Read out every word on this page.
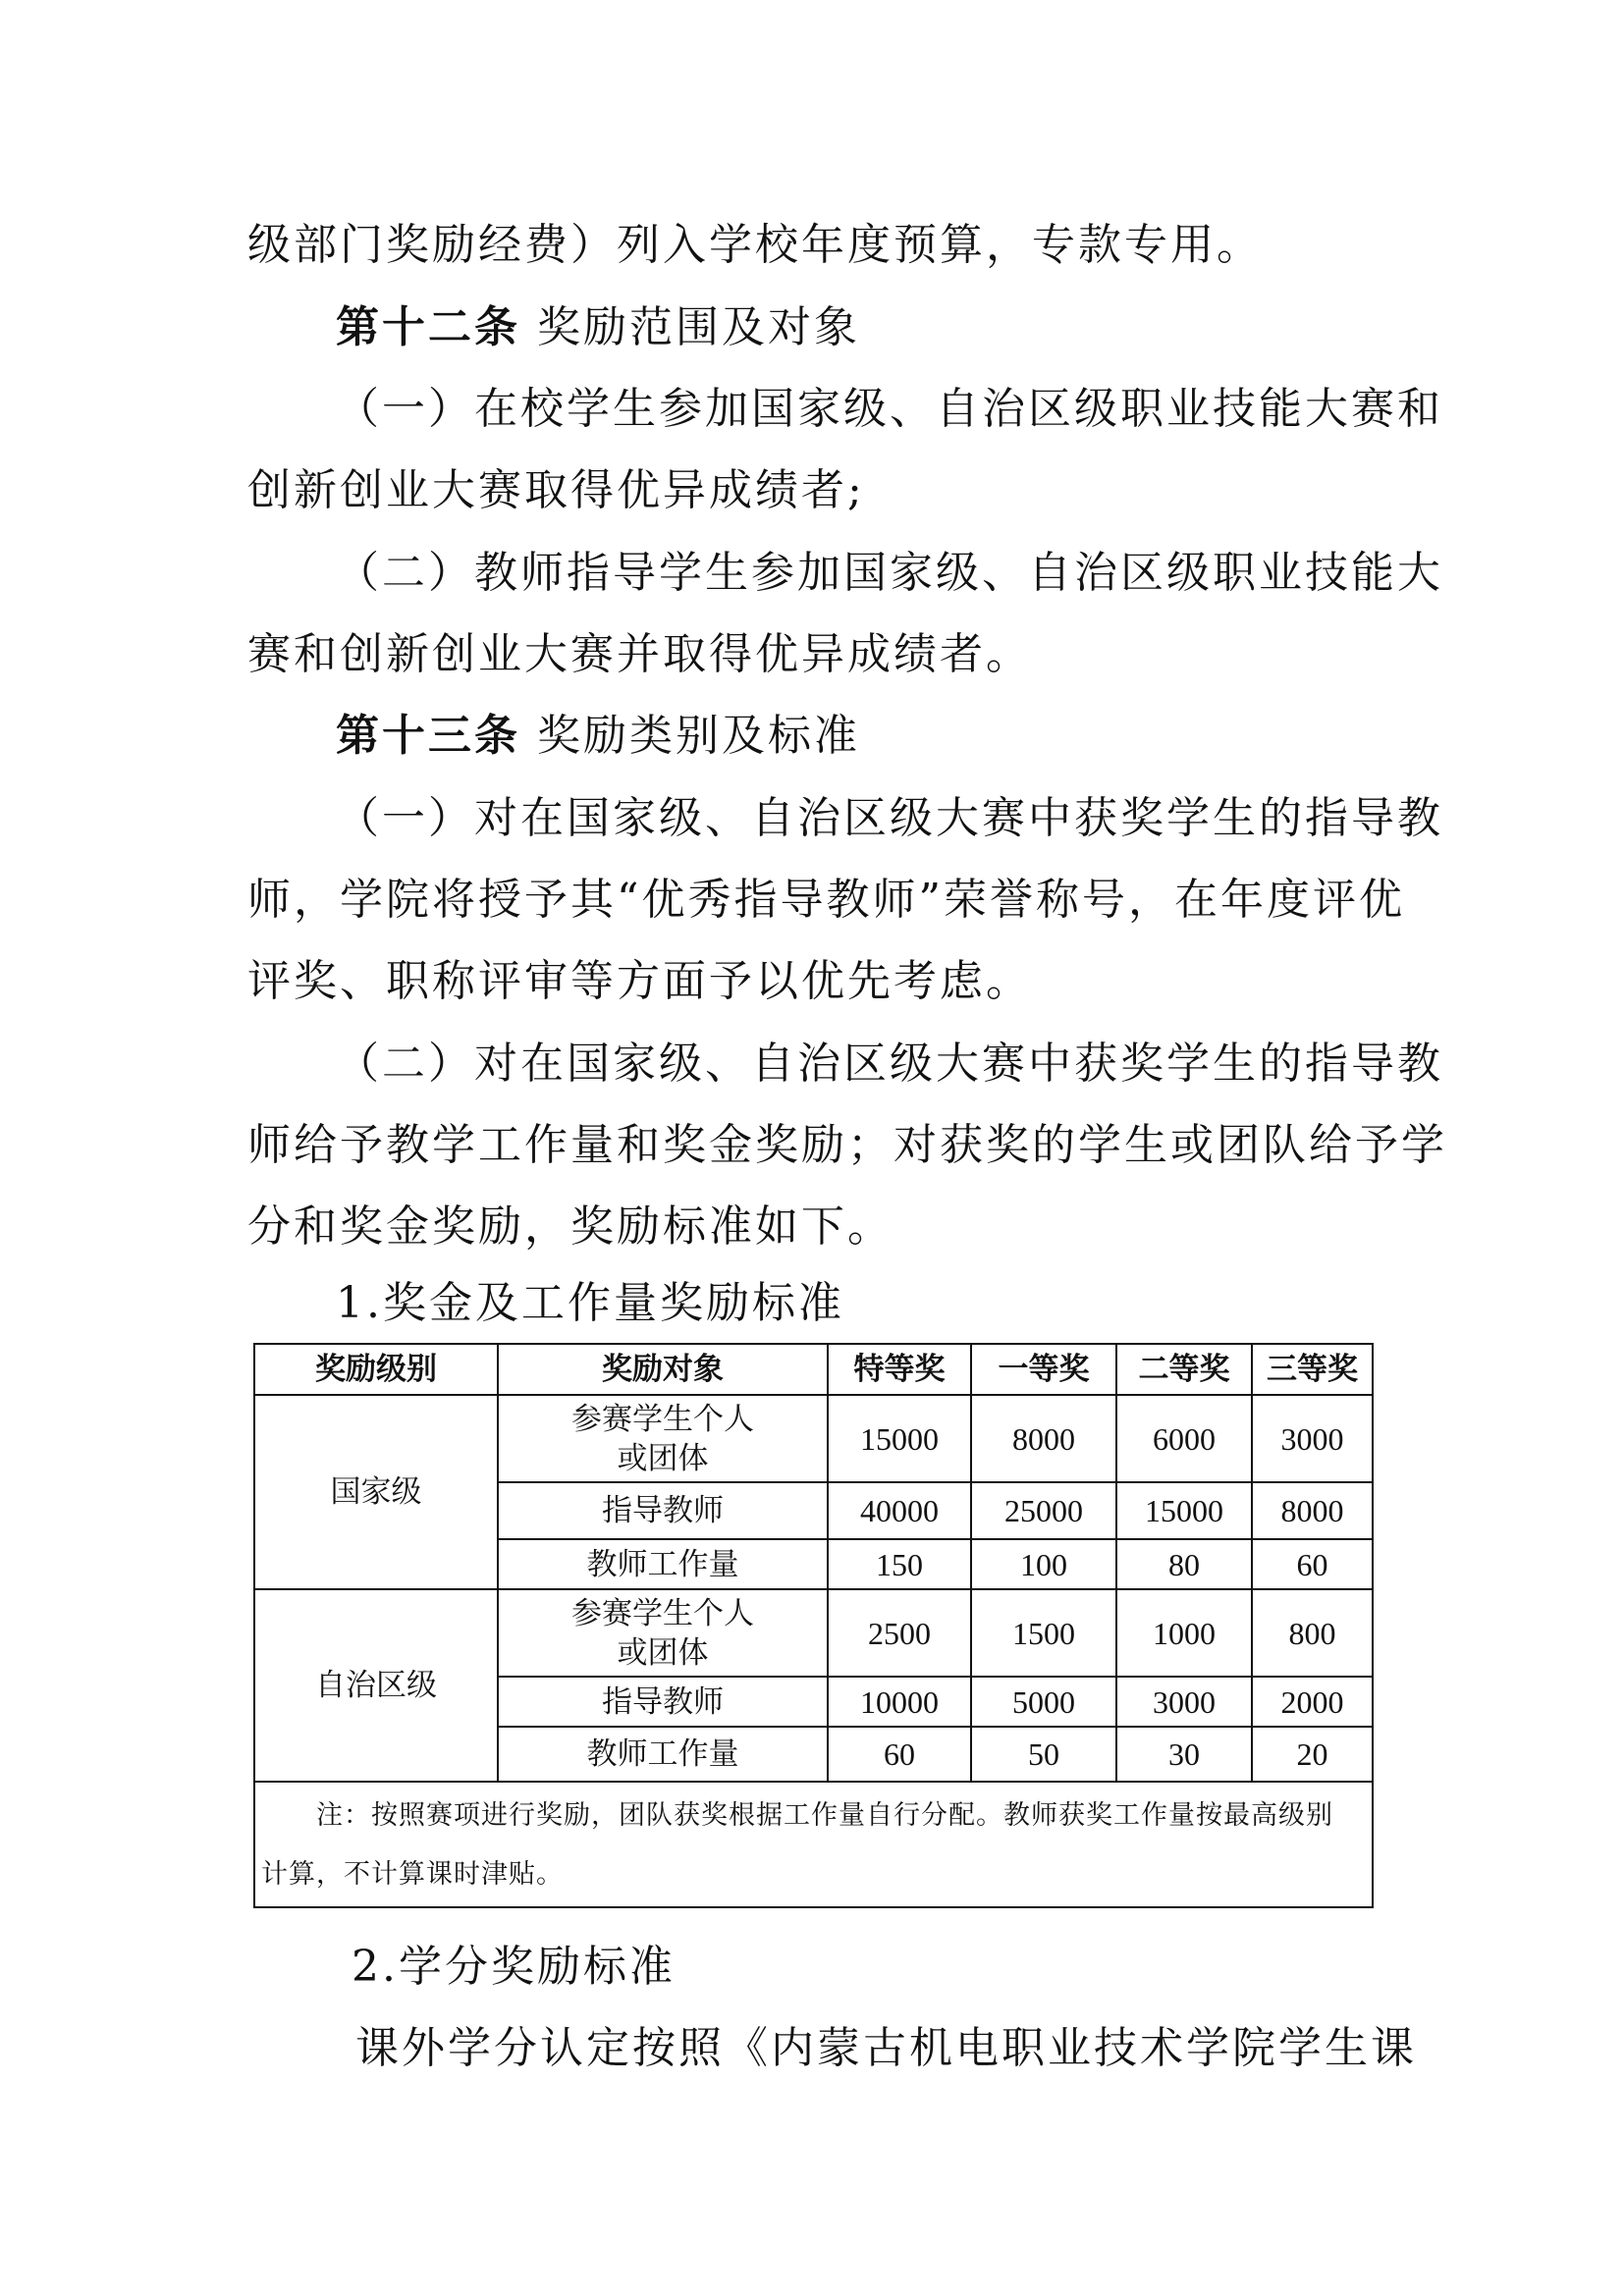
级部门奖励经费）列入学校年度预算，专款专用。
第十二条 奖励范围及对象
（一）在校学生参加国家级、自治区级职业技能大赛和
创新创业大赛取得优异成绩者;
（二）教师指导学生参加国家级、自治区级职业技能大
赛和创新创业大赛并取得优异成绩者。
第十三条 奖励类别及标准
（一）对在国家级、自治区级大赛中获奖学生的指导教
师，学院将授予其“优秀指导教师”荣誉称号，在年度评优
评奖、职称评审等方面予以优先考虑。
（二）对在国家级、自治区级大赛中获奖学生的指导教
师给予教学工作量和奖金奖励；对获奖的学生或团队给予学
分和奖金奖励，奖励标准如下。
1.奖金及工作量奖励标准
奖励级别	奖励对象	特等奖	一等奖	二等奖	三等奖
国家级	参赛学生个人
或团体	15000	8000	6000	3000
	指导教师	40000	25000	15000	8000
	教师工作量	150	100	80	60
自治区级	参赛学生个人
或团体	2500	1500	1000	800
	指导教师	10000	5000	3000	2000
	教师工作量	60	50	30	20
注：按照赛项进行奖励，团队获奖根据工作量自行分配。教师获奖工作量按最高级别
计算，不计算课时津贴。					
2.学分奖励标准
课外学分认定按照《内蒙古机电职业技术学院学生课
